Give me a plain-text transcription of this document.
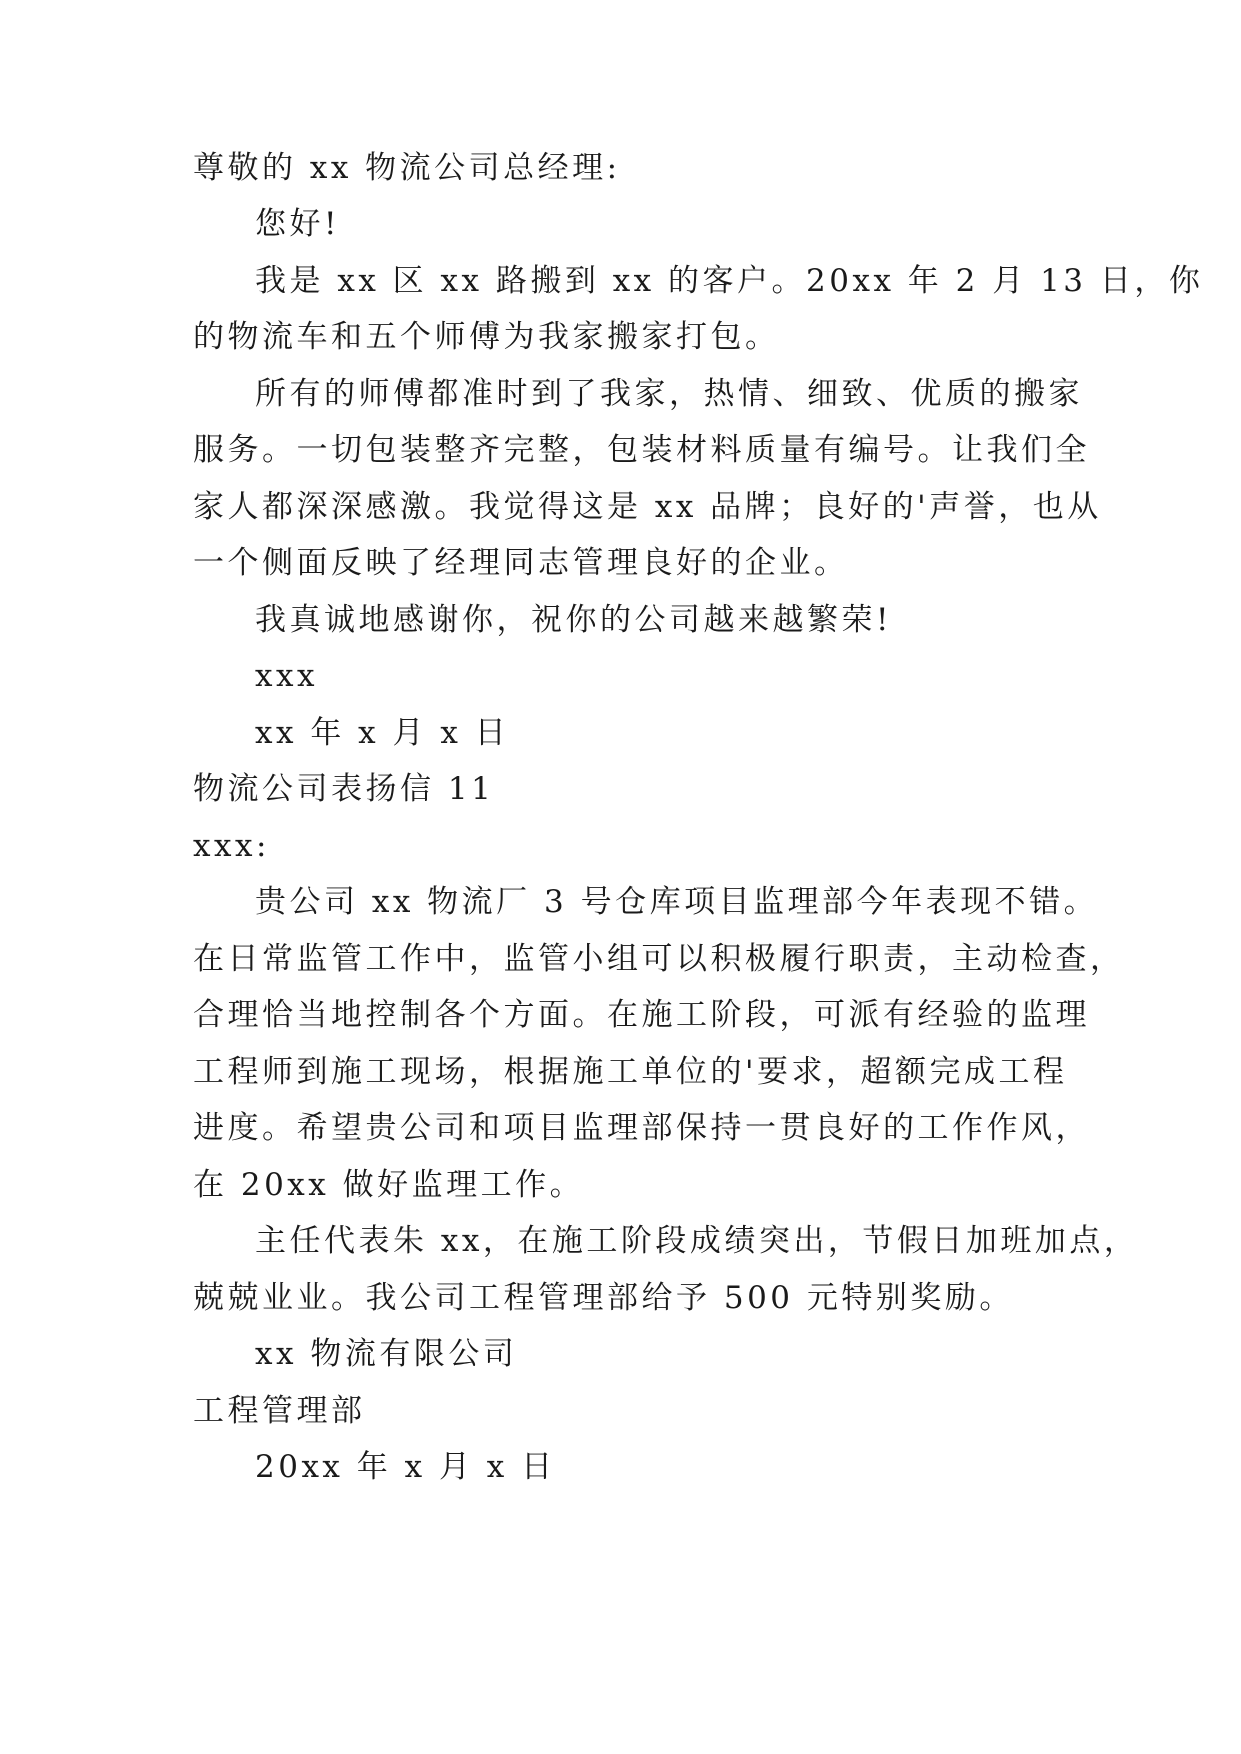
尊敬的 xx 物流公司总经理:

您好!

我是 xx 区 xx 路搬到 xx 的客户。20xx 年 2 月 13 日，你

的物流车和五个师傅为我家搬家打包。

所有的师傅都准时到了我家，热情、细致、优质的搬家

服务。一切包装整齐完整，包装材料质量有编号。让我们全

家人都深深感激。我觉得这是 xx 品牌；良好的'声誉，也从

一个侧面反映了经理同志管理良好的企业。

我真诚地感谢你，祝你的公司越来越繁荣!

xxx

xx 年 x 月 x 日

物流公司表扬信 11

xxx:

贵公司 xx 物流厂 3 号仓库项目监理部今年表现不错。

在日常监管工作中，监管小组可以积极履行职责，主动检查，

合理恰当地控制各个方面。在施工阶段，可派有经验的监理

工程师到施工现场，根据施工单位的'要求，超额完成工程

进度。希望贵公司和项目监理部保持一贯良好的工作作风，

在 20xx 做好监理工作。

主任代表朱 xx，在施工阶段成绩突出，节假日加班加点，

兢兢业业。我公司工程管理部给予 500 元特别奖励。

xx 物流有限公司

工程管理部

20xx 年 x 月 x 日
